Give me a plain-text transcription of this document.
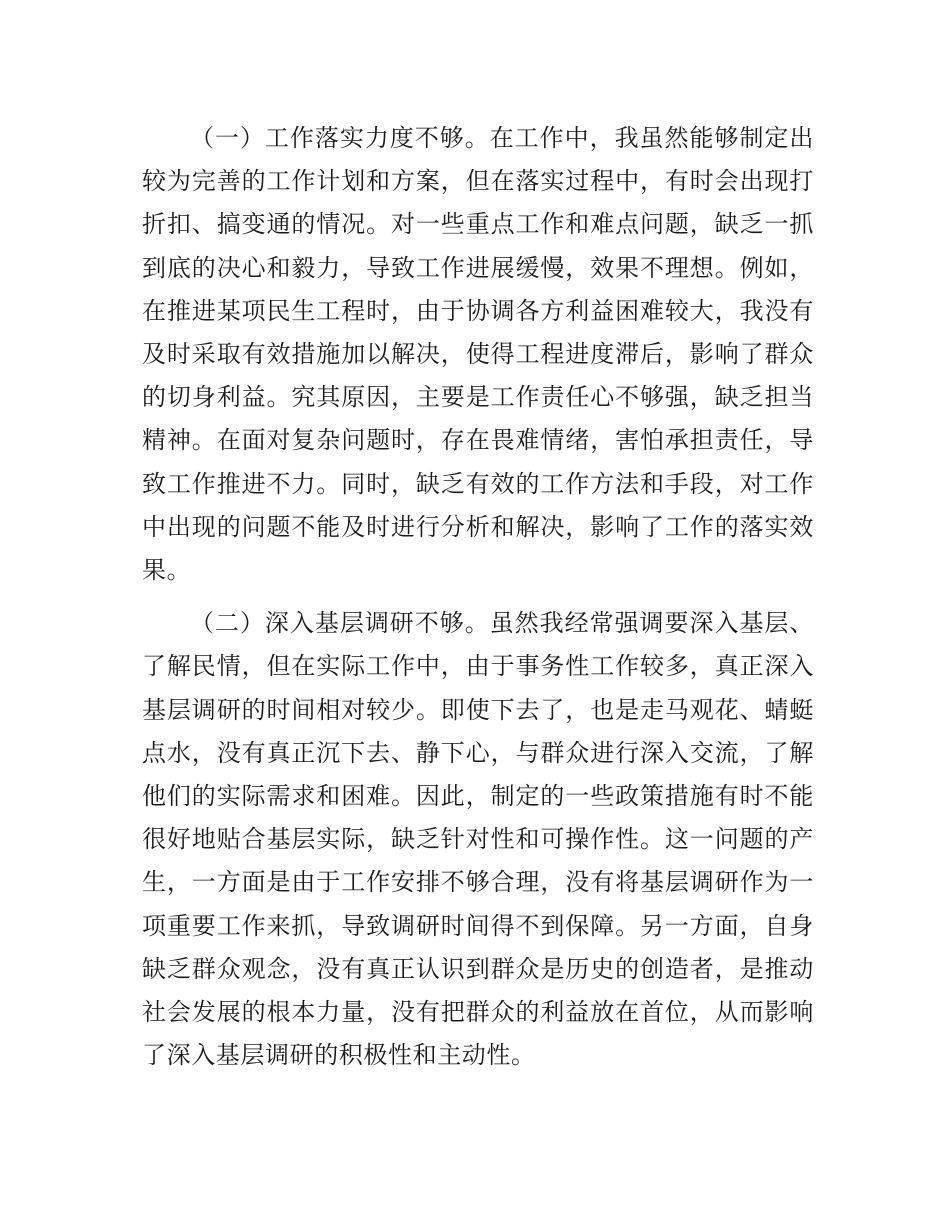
（一）工作落实力度不够。在工作中，我虽然能够制定出较为完善的工作计划和方案，但在落实过程中，有时会出现打折扣、搞变通的情况。对一些重点工作和难点问题，缺乏一抓到底的决心和毅力，导致工作进展缓慢，效果不理想。例如，在推进某项民生工程时，由于协调各方利益困难较大，我没有及时采取有效措施加以解决，使得工程进度滞后，影响了群众的切身利益。究其原因，主要是工作责任心不够强，缺乏担当精神。在面对复杂问题时，存在畏难情绪，害怕承担责任，导致工作推进不力。同时，缺乏有效的工作方法和手段，对工作中出现的问题不能及时进行分析和解决，影响了工作的落实效果。

（二）深入基层调研不够。虽然我经常强调要深入基层、了解民情，但在实际工作中，由于事务性工作较多，真正深入基层调研的时间相对较少。即使下去了，也是走马观花、蜻蜓点水，没有真正沉下去、静下心，与群众进行深入交流，了解他们的实际需求和困难。因此，制定的一些政策措施有时不能很好地贴合基层实际，缺乏针对性和可操作性。这一问题的产生，一方面是由于工作安排不够合理，没有将基层调研作为一项重要工作来抓，导致调研时间得不到保障。另一方面，自身缺乏群众观念，没有真正认识到群众是历史的创造者，是推动社会发展的根本力量，没有把群众的利益放在首位，从而影响了深入基层调研的积极性和主动性。
